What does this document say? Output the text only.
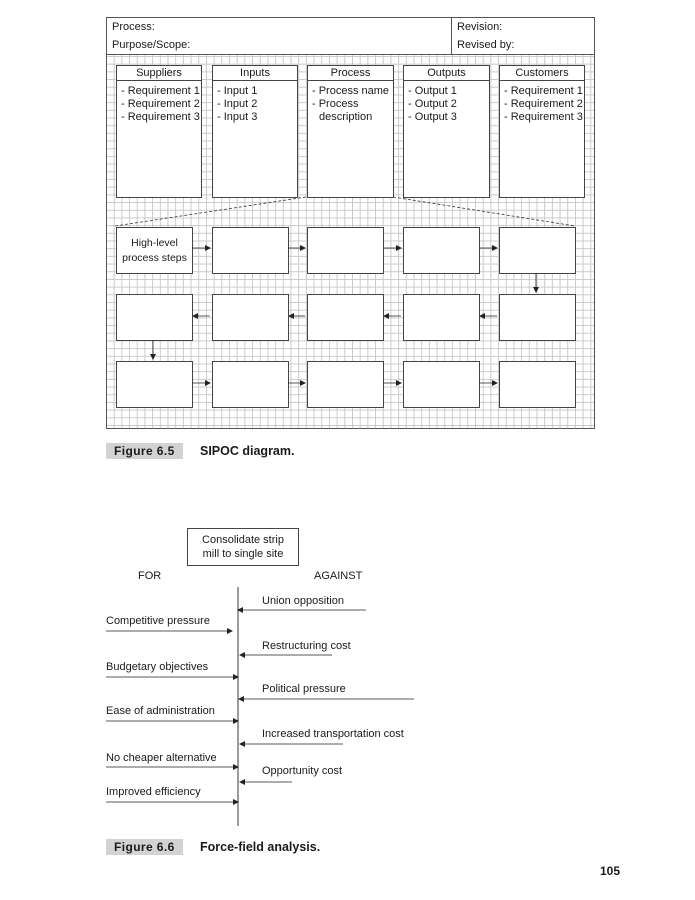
Process:	Revision:
Purpose/Scope:	Revised by:
Suppliers
- Requirement 1
- Requirement 2
- Requirement 3
Inputs
- Input 1
- Input 2
- Input 3
Process
- Process name
- Process
description
Outputs
- Output 1
- Output 2
- Output 3
Customers
- Requirement 1
- Requirement 2
- Requirement 3
High-level
process steps
Figure 6.5	SIPOC diagram.
Consolidate strip
mill to single site
FOR	AGAINST
Competitive pressure
Budgetary objectives
Ease of administration
No cheaper alternative
Improved efficiency
Union opposition
Restructuring cost
Political pressure
Increased transportation cost
Opportunity cost
Figure 6.6	Force-field analysis.
105
